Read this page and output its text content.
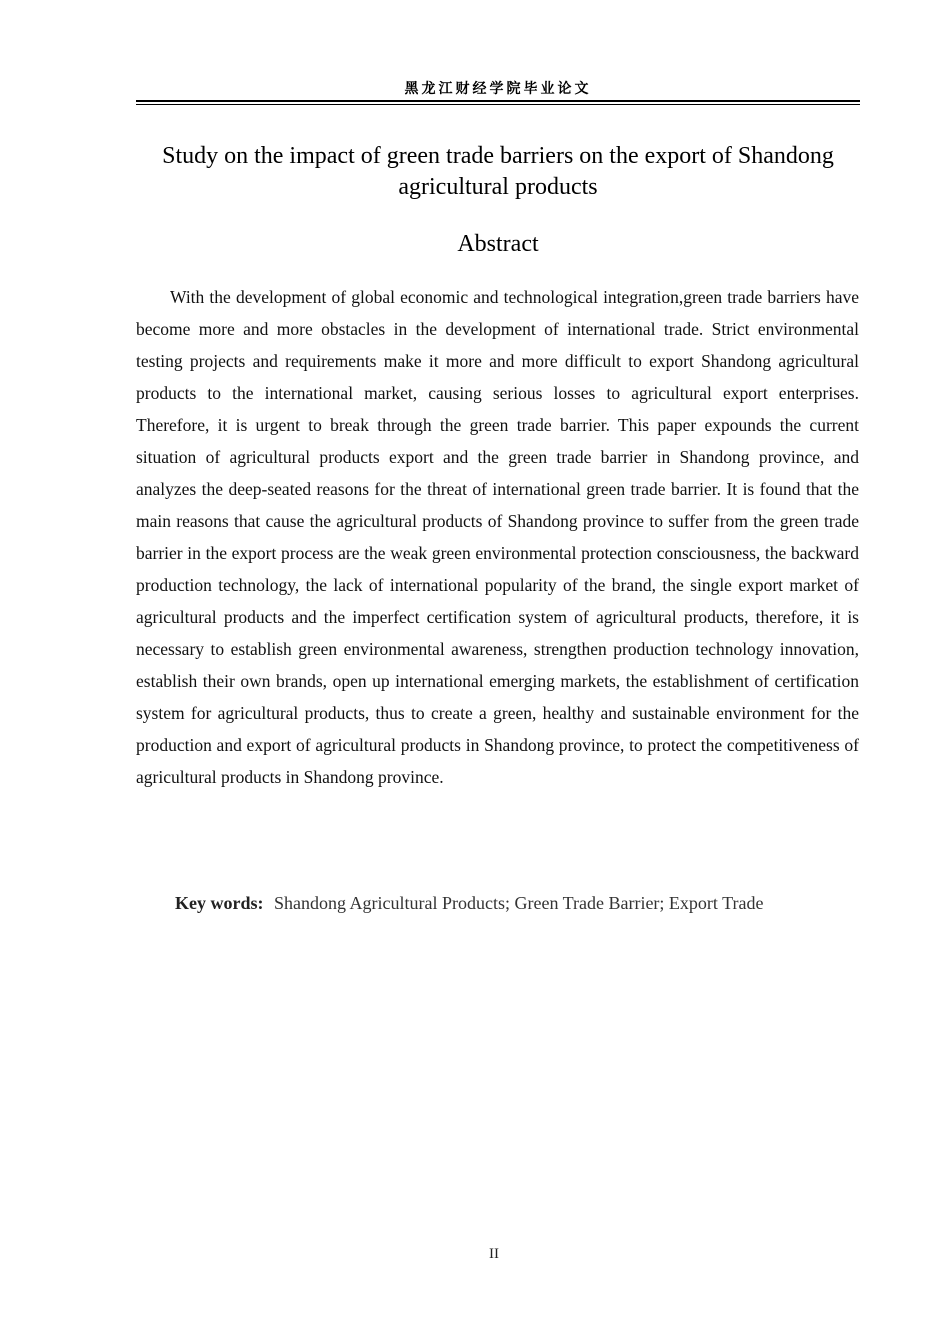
黑龙江财经学院毕业论文
Study on the impact of green trade barriers on the export of Shandong agricultural products
Abstract

With the development of global economic and technological integration,green trade barriers have become more and more obstacles in the development of international trade. Strict environmental testing projects and requirements make it more and more difficult to export Shandong agricultural products to the international market, causing serious losses to agricultural export enterprises. Therefore, it is urgent to break through the green trade barrier. This paper expounds the current situation of agricultural products export and the green trade barrier in Shandong province, and analyzes the deep-seated reasons for the threat of international green trade barrier. It is found that the main reasons that cause the agricultural products of Shandong province to suffer from the green trade barrier in the export process are the weak green environmental protection consciousness, the backward production technology, the lack of international popularity of the brand, the single export market of agricultural products and the imperfect certification system of agricultural products, therefore, it is necessary to establish green environmental awareness, strengthen production technology innovation, establish their own brands, open up international emerging markets, the establishment of certification system for agricultural products, thus to create a green, healthy and sustainable environment for the production and export of agricultural products in Shandong province, to protect the competitiveness of agricultural products in Shandong province.

Key words: Shandong Agricultural Products; Green Trade Barrier; Export Trade
II
